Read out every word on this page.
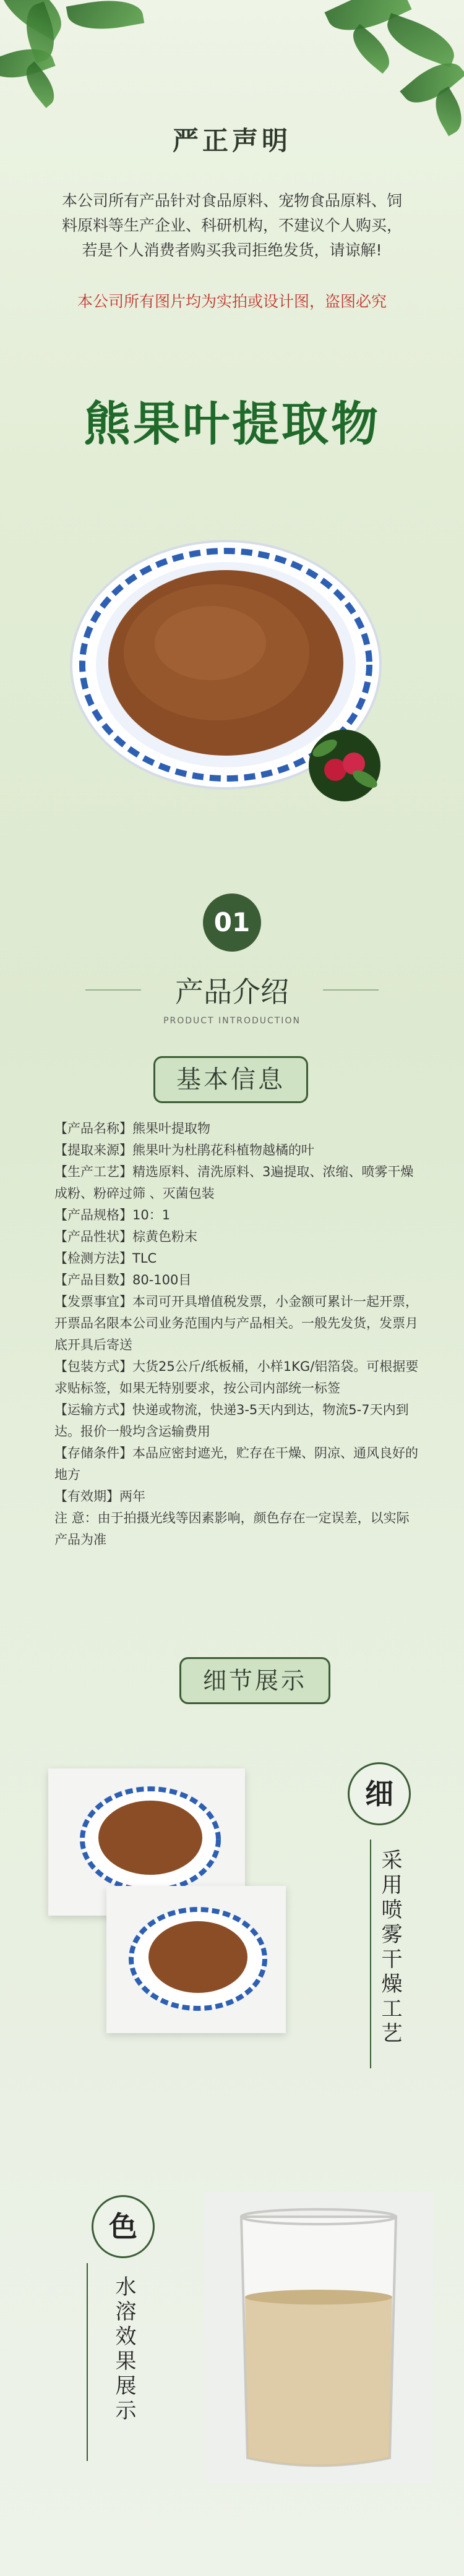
严正声明
本公司所有产品针对食品原料、宠物食品原料、饲料原料等生产企业、科研机构，不建议个人购买，若是个人消费者购买我司拒绝发货，请谅解!
本公司所有图片均为实拍或设计图，盗图必究
熊果叶提取物
01
产品介绍
PRODUCT INTRODUCTION
基本信息

【产品名称】熊果叶提取物

【提取来源】熊果叶为杜鹃花科植物越橘的叶

【生产工艺】精选原料、清洗原料、3遍提取、浓缩、喷雾干燥成粉、粉碎过筛 、灭菌包装

【产品规格】10：1

【产品性状】棕黄色粉末

【检测方法】TLC

【产品目数】80-100目

【发票事宜】本司可开具增值税发票，小金额可累计一起开票，开票品名限本公司业务范围内与产品相关。一般先发货，发票月底开具后寄送

【包装方式】大货25公斤/纸板桶，小样1KG/铝箔袋。可根据要求贴标签，如果无特别要求，按公司内部统一标签

【运输方式】快递或物流，快递3-5天内到达，物流5-7天内到达。报价一般均含运输费用

【存储条件】本品应密封遮光，贮存在干燥、阴凉、通风良好的地方

【有效期】两年

注 意：由于拍摄光线等因素影响，颜色存在一定误差，以实际产品为准

细节展示
细
采用喷雾干燥工艺
色
水溶效果展示
